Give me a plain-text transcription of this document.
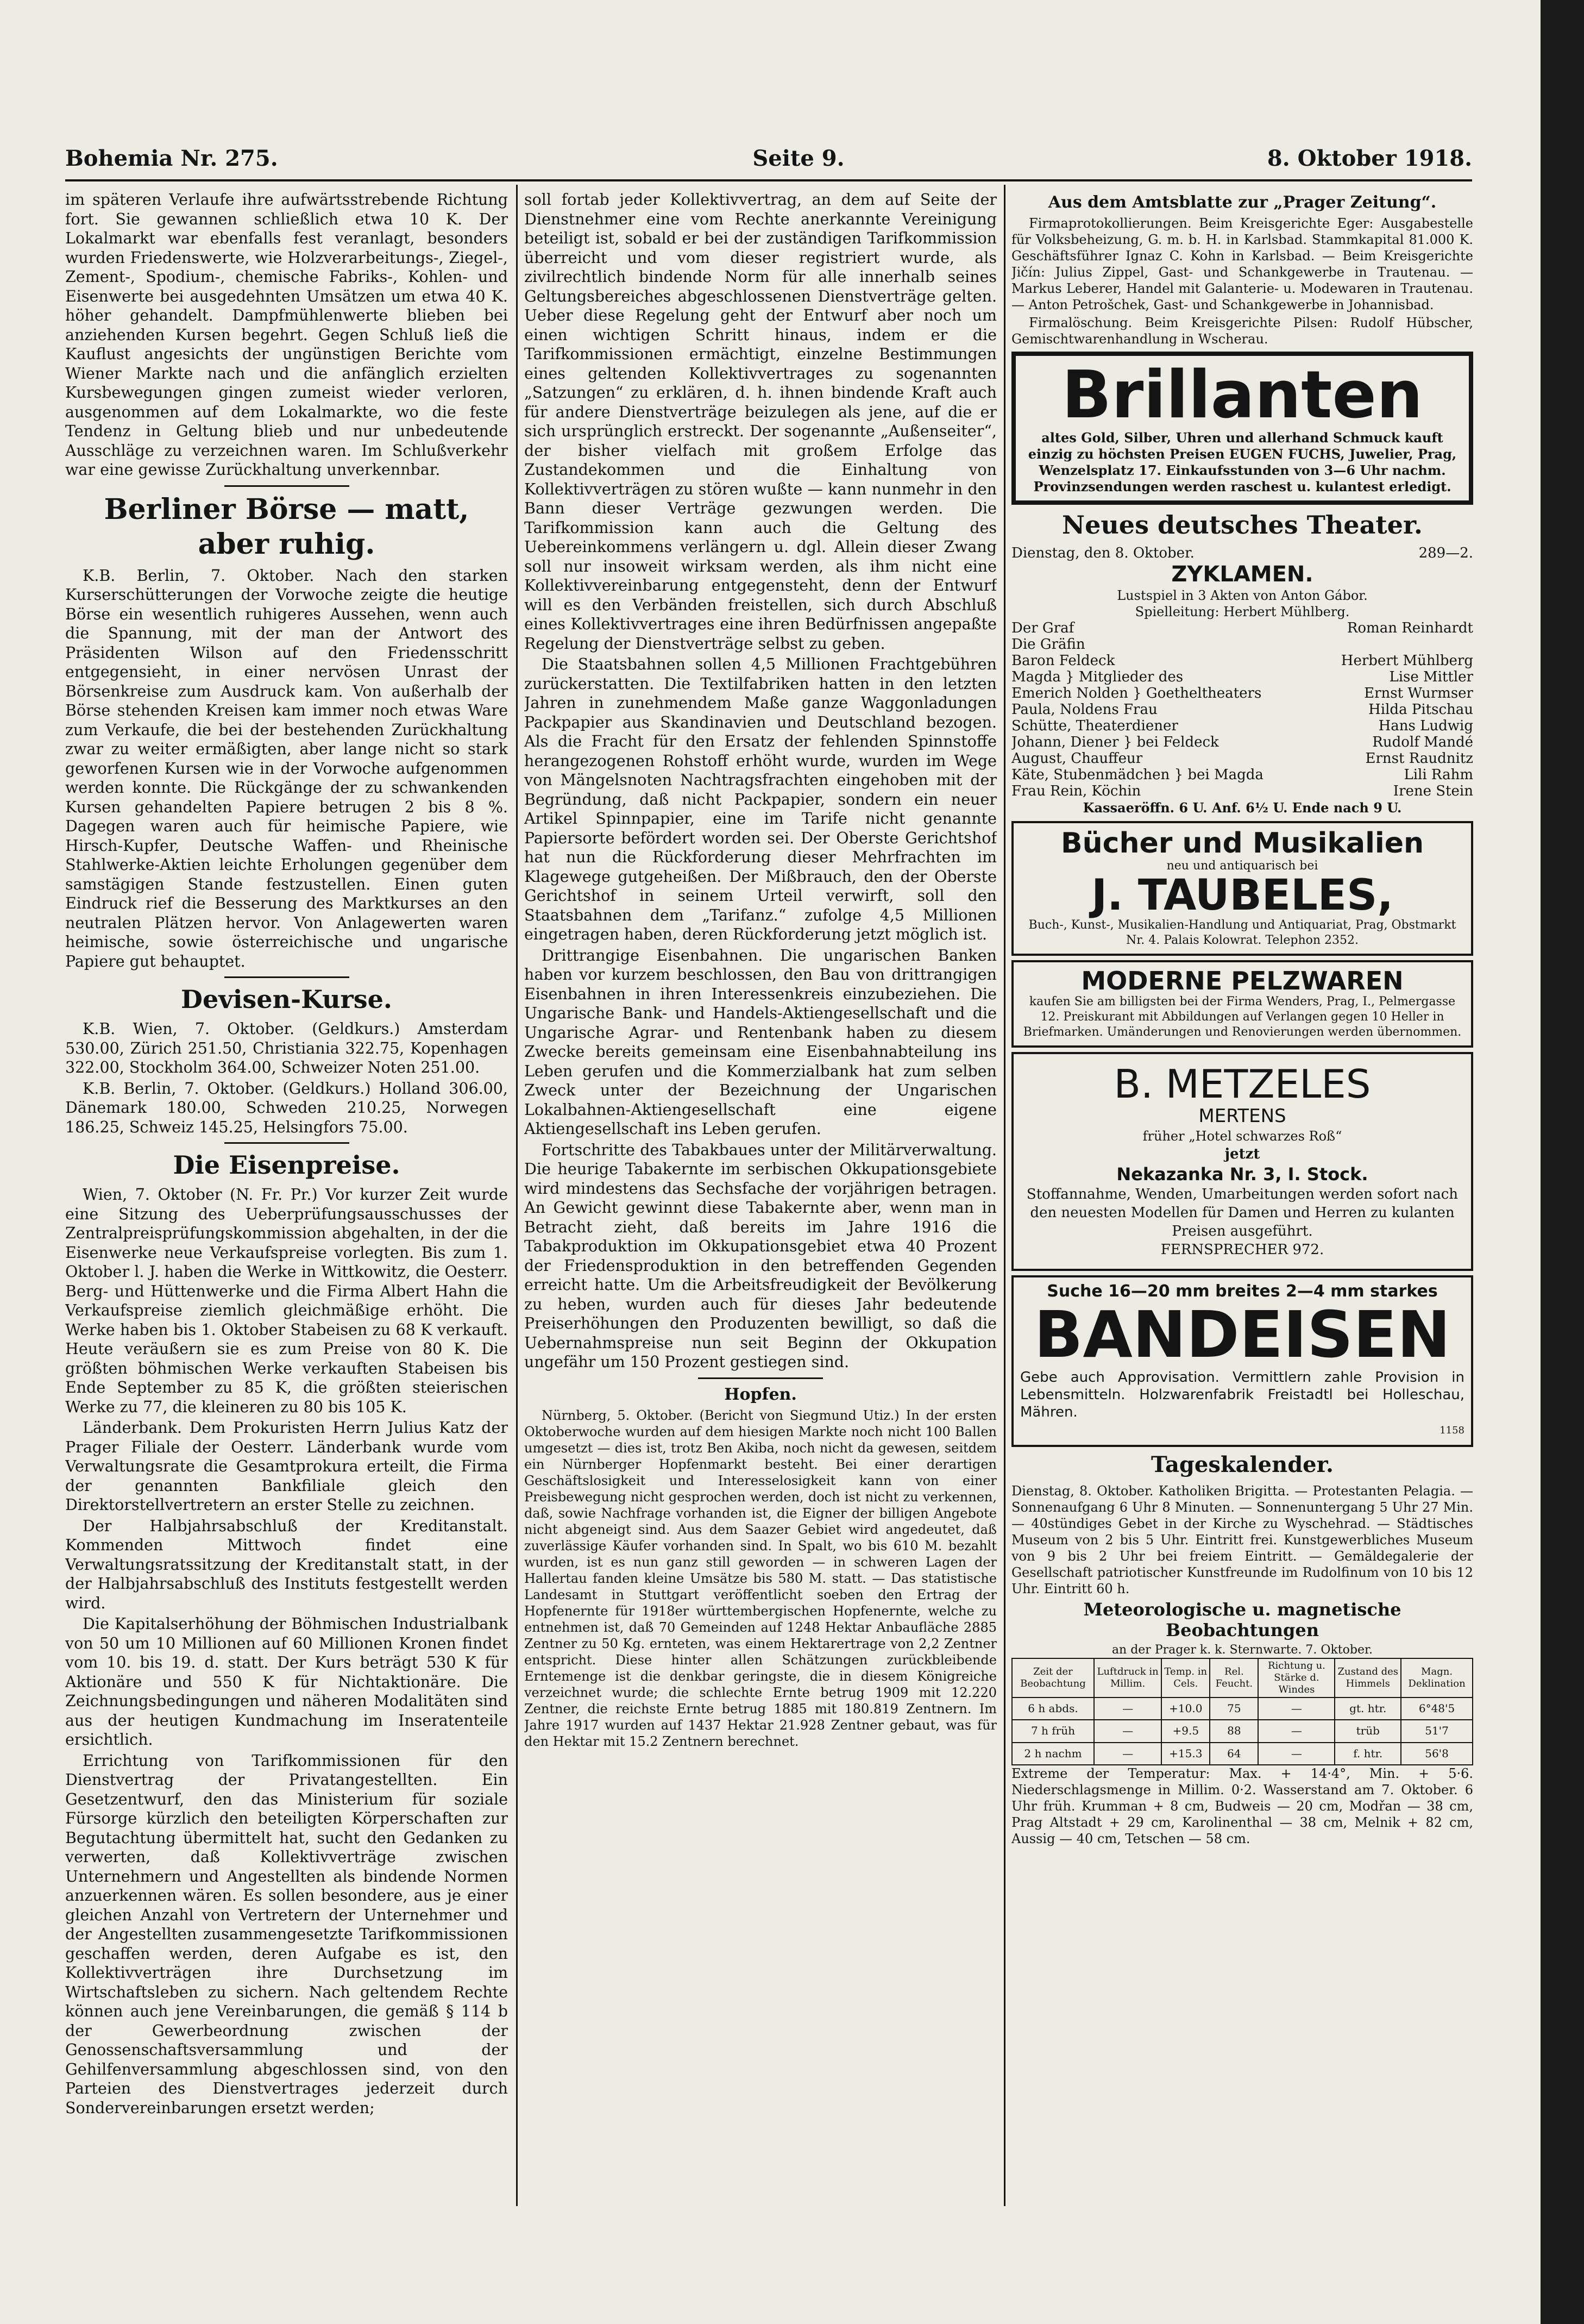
Bohemia Nr. 275.	Seite 9.	8. Oktober 1918.

im späteren Verlaufe ihre aufwärtsstrebende Richtung fort. Sie gewannen schließlich etwa 10 K. Der Lokalmarkt war ebenfalls fest veranlagt, besonders wurden Friedenswerte, wie Holzverarbeitungs-, Ziegel-, Zement-, Spodium-, chemische Fabriks-, Kohlen- und Eisenwerte bei ausgedehnten Umsätzen um etwa 40 K. höher gehandelt. Dampfmühlenwerte blieben bei anziehenden Kursen begehrt. Gegen Schluß ließ die Kauflust angesichts der ungünstigen Berichte vom Wiener Markte nach und die anfänglich erzielten Kursbewegungen gingen zumeist wieder verloren, ausgenommen auf dem Lokalmarkte, wo die feste Tendenz in Geltung blieb und nur unbedeutende Ausschläge zu verzeichnen waren. Im Schlußverkehr war eine gewisse Zurückhaltung unverkennbar.

Berliner Börse — matt, aber ruhig.

K.B. Berlin, 7. Oktober. Nach den starken Kurserschütterungen der Vorwoche zeigte die heutige Börse ein wesentlich ruhigeres Aussehen, wenn auch die Spannung, mit der man der Antwort des Präsidenten Wilson auf den Friedensschritt entgegensieht, in einer nervösen Unrast der Börsenkreise zum Ausdruck kam. Von außerhalb der Börse stehenden Kreisen kam immer noch etwas Ware zum Verkaufe, die bei der bestehenden Zurückhaltung zwar zu weiter ermäßigten, aber lange nicht so stark geworfenen Kursen wie in der Vorwoche aufgenommen werden konnte. Die Rückgänge der zu schwankenden Kursen gehandelten Papiere betrugen 2 bis 8 %. Dagegen waren auch für heimische Papiere, wie Hirsch-Kupfer, Deutsche Waffen- und Rheinische Stahlwerke-Aktien leichte Erholungen gegenüber dem samstägigen Stande festzustellen. Einen guten Eindruck rief die Besserung des Marktkurses an den neutralen Plätzen hervor. Von Anlagewerten waren heimische, sowie österreichische und ungarische Papiere gut behauptet.

Devisen-Kurse.

K.B. Wien, 7. Oktober. (Geldkurs.) Amsterdam 530.00, Zürich 251.50, Christiania 322.75, Kopenhagen 322.00, Stockholm 364.00, Schweizer Noten 251.00.

K.B. Berlin, 7. Oktober. (Geldkurs.) Holland 306.00, Dänemark 180.00, Schweden 210.25, Norwegen 186.25, Schweiz 145.25, Helsingfors 75.00.

Die Eisenpreise.

Wien, 7. Oktober (N. Fr. Pr.) Vor kurzer Zeit wurde eine Sitzung des Ueberprüfungsausschusses der Zentralpreisprüfungskommission abgehalten, in der die Eisenwerke neue Verkaufspreise vorlegten. Bis zum 1. Oktober l. J. haben die Werke in Wittkowitz, die Oesterr. Berg- und Hüttenwerke und die Firma Albert Hahn die Verkaufspreise ziemlich gleichmäßige erhöht. Die Werke haben bis 1. Oktober Stabeisen zu 68 K verkauft. Heute veräußern sie es zum Preise von 80 K. Die größten böhmischen Werke verkauften Stabeisen bis Ende September zu 85 K, die größten steierischen Werke zu 77, die kleineren zu 80 bis 105 K.

Länderbank. Dem Prokuristen Herrn Julius Katz der Prager Filiale der Oesterr. Länderbank wurde vom Verwaltungsrate die Gesamtprokura erteilt, die Firma der genannten Bankfiliale gleich den Direktorstellvertretern an erster Stelle zu zeichnen.

Der Halbjahrsabschluß der Kreditanstalt. Kommenden Mittwoch findet eine Verwaltungsratssitzung der Kreditanstalt statt, in der der Halbjahrsabschluß des Instituts festgestellt werden wird.

Die Kapitalserhöhung der Böhmischen Industrialbank von 50 um 10 Millionen auf 60 Millionen Kronen findet vom 10. bis 19. d. statt. Der Kurs beträgt 530 K für Aktionäre und 550 K für Nichtaktionäre. Die Zeichnungsbedingungen und näheren Modalitäten sind aus der heutigen Kundmachung im Inseratenteile ersichtlich.

Errichtung von Tarifkommissionen für den Dienstvertrag der Privatangestellten. Ein Gesetzentwurf, den das Ministerium für soziale Fürsorge kürzlich den beteiligten Körperschaften zur Begutachtung übermittelt hat, sucht den Gedanken zu verwerten, daß Kollektivverträge zwischen Unternehmern und Angestellten als bindende Normen anzuerkennen wären. Es sollen besondere, aus je einer gleichen Anzahl von Vertretern der Unternehmer und der Angestellten zusammengesetzte Tarifkommissionen geschaffen werden, deren Aufgabe es ist, den Kollektivverträgen ihre Durchsetzung im Wirtschaftsleben zu sichern. Nach geltendem Rechte können auch jene Vereinbarungen, die gemäß § 114 b der Gewerbeordnung zwischen der Genossenschaftsversammlung und der Gehilfenversammlung abgeschlossen sind, von den Parteien des Dienstvertrages jederzeit durch Sondervereinbarungen ersetzt werden;

soll fortab jeder Kollektivvertrag, an dem auf Seite der Dienstnehmer eine vom Rechte anerkannte Vereinigung beteiligt ist, sobald er bei der zuständigen Tarifkommission überreicht und vom dieser registriert wurde, als zivilrechtlich bindende Norm für alle innerhalb seines Geltungsbereiches abgeschlossenen Dienstverträge gelten. Ueber diese Regelung geht der Entwurf aber noch um einen wichtigen Schritt hinaus, indem er die Tarifkommissionen ermächtigt, einzelne Bestimmungen eines geltenden Kollektivvertrages zu sogenannten „Satzungen“ zu erklären, d. h. ihnen bindende Kraft auch für andere Dienstverträge beizulegen als jene, auf die er sich ursprünglich erstreckt. Der sogenannte „Außenseiter“, der bisher vielfach mit großem Erfolge das Zustandekommen und die Einhaltung von Kollektivverträgen zu stören wußte — kann nunmehr in den Bann dieser Verträge gezwungen werden. Die Tarifkommission kann auch die Geltung des Uebereinkommens verlängern u. dgl. Allein dieser Zwang soll nur insoweit wirksam werden, als ihm nicht eine Kollektivvereinbarung entgegensteht, denn der Entwurf will es den Verbänden freistellen, sich durch Abschluß eines Kollektivvertrages eine ihren Bedürfnissen angepaßte Regelung der Dienstverträge selbst zu geben.

Die Staatsbahnen sollen 4,5 Millionen Frachtgebühren zurückerstatten. Die Textilfabriken hatten in den letzten Jahren in zunehmendem Maße ganze Waggonladungen Packpapier aus Skandinavien und Deutschland bezogen. Als die Fracht für den Ersatz der fehlenden Spinnstoffe herangezogenen Rohstoff erhöht wurde, wurden im Wege von Mängelsnoten Nachtragsfrachten eingehoben mit der Begründung, daß nicht Packpapier, sondern ein neuer Artikel Spinnpapier, eine im Tarife nicht genannte Papiersorte befördert worden sei. Der Oberste Gerichtshof hat nun die Rückforderung dieser Mehrfrachten im Klagewege gutgeheißen. Der Mißbrauch, den der Oberste Gerichtshof in seinem Urteil verwirft, soll den Staatsbahnen dem „Tarifanz.“ zufolge 4,5 Millionen eingetragen haben, deren Rückforderung jetzt möglich ist.

Drittrangige Eisenbahnen. Die ungarischen Banken haben vor kurzem beschlossen, den Bau von drittrangigen Eisenbahnen in ihren Interessenkreis einzubeziehen. Die Ungarische Bank- und Handels-Aktiengesellschaft und die Ungarische Agrar- und Rentenbank haben zu diesem Zwecke bereits gemeinsam eine Eisenbahnabteilung ins Leben gerufen und die Kommerzialbank hat zum selben Zweck unter der Bezeichnung der Ungarischen Lokalbahnen-Aktiengesellschaft eine eigene Aktiengesellschaft ins Leben gerufen.

Fortschritte des Tabakbaues unter der Militärverwaltung. Die heurige Tabakernte im serbischen Okkupationsgebiete wird mindestens das Sechsfache der vorjährigen betragen. An Gewicht gewinnt diese Tabakernte aber, wenn man in Betracht zieht, daß bereits im Jahre 1916 die Tabakproduktion im Okkupationsgebiet etwa 40 Prozent der Friedensproduktion in den betreffenden Gegenden erreicht hatte. Um die Arbeitsfreudigkeit der Bevölkerung zu heben, wurden auch für dieses Jahr bedeutende Preiserhöhungen den Produzenten bewilligt, so daß die Uebernahmspreise nun seit Beginn der Okkupation ungefähr um 150 Prozent gestiegen sind.

Hopfen.

Nürnberg, 5. Oktober. (Bericht von Siegmund Utiz.) In der ersten Oktoberwoche wurden auf dem hiesigen Markte noch nicht 100 Ballen umgesetzt — dies ist, trotz Ben Akiba, noch nicht da gewesen, seitdem ein Nürnberger Hopfenmarkt besteht. Bei einer derartigen Geschäftslosigkeit und Interesselosigkeit kann von einer Preisbewegung nicht gesprochen werden, doch ist nicht zu verkennen, daß, sowie Nachfrage vorhanden ist, die Eigner der billigen Angebote nicht abgeneigt sind. Aus dem Saazer Gebiet wird angedeutet, daß zuverlässige Käufer vorhanden sind. In Spalt, wo bis 610 M. bezahlt wurden, ist es nun ganz still geworden — in schweren Lagen der Hallertau fanden kleine Umsätze bis 580 M. statt. — Das statistische Landesamt in Stuttgart veröffentlicht soeben den Ertrag der Hopfenernte für 1918er württembergischen Hopfenernte, welche zu entnehmen ist, daß 70 Gemeinden auf 1248 Hektar Anbaufläche 2885 Zentner zu 50 Kg. ernteten, was einem Hektarertrage von 2,2 Zentner entspricht. Diese hinter allen Schätzungen zurückbleibende Erntemenge ist die denkbar geringste, die in diesem Königreiche verzeichnet wurde; die schlechte Ernte betrug 1909 mit 12.220 Zentner, die reichste Ernte betrug 1885 mit 180.819 Zentnern. Im Jahre 1917 wurden auf 1437 Hektar 21.928 Zentner gebaut, was für den Hektar mit 15.2 Zentnern berechnet.

Aus dem Amtsblatte zur „Prager Zeitung“.

Firmaprotokollierungen. Beim Kreisgerichte Eger: Ausgabestelle für Volksbeheizung, G. m. b. H. in Karlsbad. Stammkapital 81.000 K. Geschäftsführer Ignaz C. Kohn in Karlsbad. — Beim Kreisgerichte Jičín: Julius Zippel, Gast- und Schankgewerbe in Trautenau. — Markus Leberer, Handel mit Galanterie- u. Modewaren in Trautenau. — Anton Petrošchek, Gast- und Schankgewerbe in Johannisbad.

Firmalöschung. Beim Kreisgerichte Pilsen: Rudolf Hübscher, Gemischtwarenhandlung in Wscherau.

Brillanten
altes Gold, Silber, Uhren und allerhand Schmuck kauft einzig zu höchsten Preisen EUGEN FUCHS, Juwelier, Prag, Wenzelsplatz 17. Einkaufsstunden von 3—6 Uhr nachm. Provinzsendungen werden raschest u. kulantest erledigt.
Neues deutsches Theater.
Dienstag, den 8. Oktober.	289—2.
ZYKLAMEN.
Lustspiel in 3 Akten von Anton Gábor.
Spielleitung: Herbert Mühlberg.
Der Graf	Roman Reinhardt
Die Gräfin
Baron Feldeck	Herbert Mühlberg
Magda } Mitglieder des	Lise Mittler
Emerich Nolden } Goetheltheaters	Ernst Wurmser
Paula, Noldens Frau	Hilda Pitschau
Schütte, Theaterdiener	Hans Ludwig
Johann, Diener } bei Feldeck	Rudolf Mandé
August, Chauffeur	Ernst Raudnitz
Käte, Stubenmädchen } bei Magda	Lili Rahm
Frau Rein, Köchin	Irene Stein
Kassaeröffn. 6 U. Anf. 6½ U. Ende nach 9 U.
Bücher und Musikalien
neu und antiquarisch bei
J. TAUBELES,
Buch-, Kunst-, Musikalien-Handlung und Antiquariat, Prag, Obstmarkt Nr. 4. Palais Kolowrat. Telephon 2352.
MODERNE PELZWAREN
kaufen Sie am billigsten bei der Firma Wenders, Prag, I., Pelmergasse 12. Preiskurant mit Abbildungen auf Verlangen gegen 10 Heller in Briefmarken. Umänderungen und Renovierungen werden übernommen.
B. METZELES
MERTENS
früher „Hotel schwarzes Roß“
jetzt
Nekazanka Nr. 3, I. Stock.
Stoffannahme, Wenden, Umarbeitungen werden sofort nach den neuesten Modellen für Damen und Herren zu kulanten Preisen ausgeführt.
FERNSPRECHER 972.
Suche 16—20 mm breites 2—4 mm starkes
BANDEISEN
Gebe auch Approvisation. Vermittlern zahle Provision in Lebensmitteln. Holzwarenfabrik Freistadtl bei Holleschau, Mähren.
1158
Tageskalender.

Dienstag, 8. Oktober. Katholiken Brigitta. — Protestanten Pelagia. — Sonnenaufgang 6 Uhr 8 Minuten. — Sonnenuntergang 5 Uhr 27 Min. — 40stündiges Gebet in der Kirche zu Wyschehrad. — Städtisches Museum von 2 bis 5 Uhr. Eintritt frei. Kunstgewerbliches Museum von 9 bis 2 Uhr bei freiem Eintritt. — Gemäldegalerie der Gesellschaft patriotischer Kunstfreunde im Rudolfinum von 10 bis 12 Uhr. Eintritt 60 h.

Meteorologische u. magnetische Beobachtungen
an der Prager k. k. Sternwarte. 7. Oktober.
Zeit der Beobachtung	Luftdruck in Millim.	Temp. in Cels.	Rel. Feucht.	Richtung u. Stärke d. Windes	Zustand des Himmels	Magn. Deklination
6 h abds.	—	+10.0	75	—	gt. htr.	6°48'5
7 h früh	—	+9.5	88	—	trüb	51'7
2 h nachm	—	+15.3	64	—	f. htr.	56'8

Extreme der Temperatur: Max. + 14·4°, Min. + 5·6. Niederschlagsmenge in Millim. 0·2. Wasserstand am 7. Oktober. 6 Uhr früh. Krumman + 8 cm, Budweis — 20 cm, Modřan — 38 cm, Prag Altstadt + 29 cm, Karolinenthal — 38 cm, Melnik + 82 cm, Aussig — 40 cm, Tetschen — 58 cm.
